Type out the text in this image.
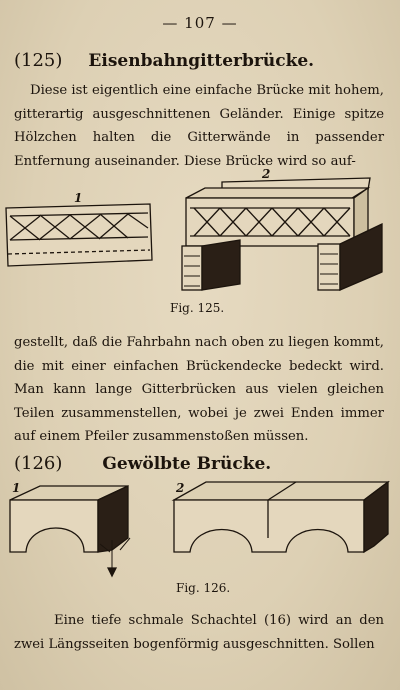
— 107 —
(125) Eisenbahngitterbrücke.

Diese ist eigentlich eine einfache Brücke mit hohem, gitterartig ausgeschnittenen Geländer. Einige spitze Hölzchen halten die Gitterwände in passender Entfernung auseinander. Diese Brücke wird so auf-

1
2
Fig. 125.

gestellt, daß die Fahrbahn nach oben zu liegen kommt, die mit einer einfachen Brückendecke bedeckt wird. Man kann lange Gitterbrücken aus vielen gleichen Teilen zusammenstellen, wobei je zwei Enden immer auf einem Pfeiler zusammenstoßen müssen.

(126) Gewölbte Brücke.
1	2
Fig. 126.

Eine tiefe schmale Schachtel (16) wird an den zwei Längsseiten bogenförmig ausgeschnitten. Sollen
